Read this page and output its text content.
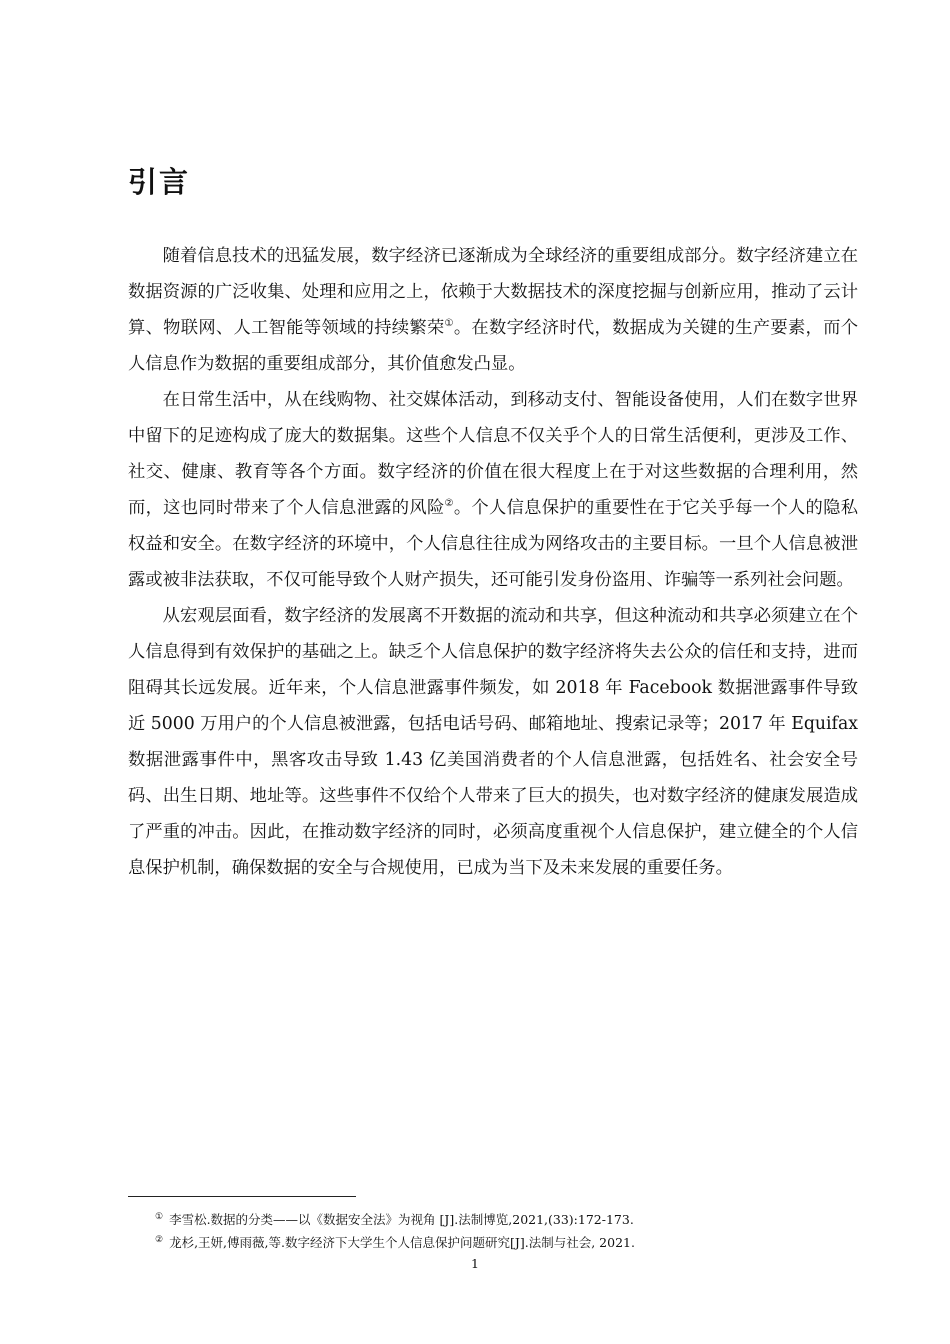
引言

随着信息技术的迅猛发展，数字经济已逐渐成为全球经济的重要组成部分。数字经济建立在数据资源的广泛收集、处理和应用之上，依赖于大数据技术的深度挖掘与创新应用，推动了云计算、物联网、人工智能等领域的持续繁荣①。在数字经济时代，数据成为关键的生产要素，而个人信息作为数据的重要组成部分，其价值愈发凸显。

在日常生活中，从在线购物、社交媒体活动，到移动支付、智能设备使用，人们在数字世界中留下的足迹构成了庞大的数据集。这些个人信息不仅关乎个人的日常生活便利，更涉及工作、社交、健康、教育等各个方面。数字经济的价值在很大程度上在于对这些数据的合理利用，然而，这也同时带来了个人信息泄露的风险②。个人信息保护的重要性在于它关乎每一个人的隐私权益和安全。在数字经济的环境中，个人信息往往成为网络攻击的主要目标。一旦个人信息被泄露或被非法获取，不仅可能导致个人财产损失，还可能引发身份盗用、诈骗等一系列社会问题。

从宏观层面看，数字经济的发展离不开数据的流动和共享，但这种流动和共享必须建立在个人信息得到有效保护的基础之上。缺乏个人信息保护的数字经济将失去公众的信任和支持，进而阻碍其长远发展。近年来，个人信息泄露事件频发，如 2018 年 Facebook 数据泄露事件导致近 5000 万用户的个人信息被泄露，包括电话号码、邮箱地址、搜索记录等；2017 年 Equifax 数据泄露事件中，黑客攻击导致 1.43 亿美国消费者的个人信息泄露，包括姓名、社会安全号码、出生日期、地址等。这些事件不仅给个人带来了巨大的损失，也对数字经济的健康发展造成了严重的冲击。因此，在推动数字经济的同时，必须高度重视个人信息保护，建立健全的个人信息保护机制，确保数据的安全与合规使用，已成为当下及未来发展的重要任务。

① 李雪松.数据的分类——以《数据安全法》为视角 [J].法制博览,2021,(33):172-173.
② 龙杉,王妍,傅雨薇,等.数字经济下大学生个人信息保护问题研究[J].法制与社会, 2021.
1
